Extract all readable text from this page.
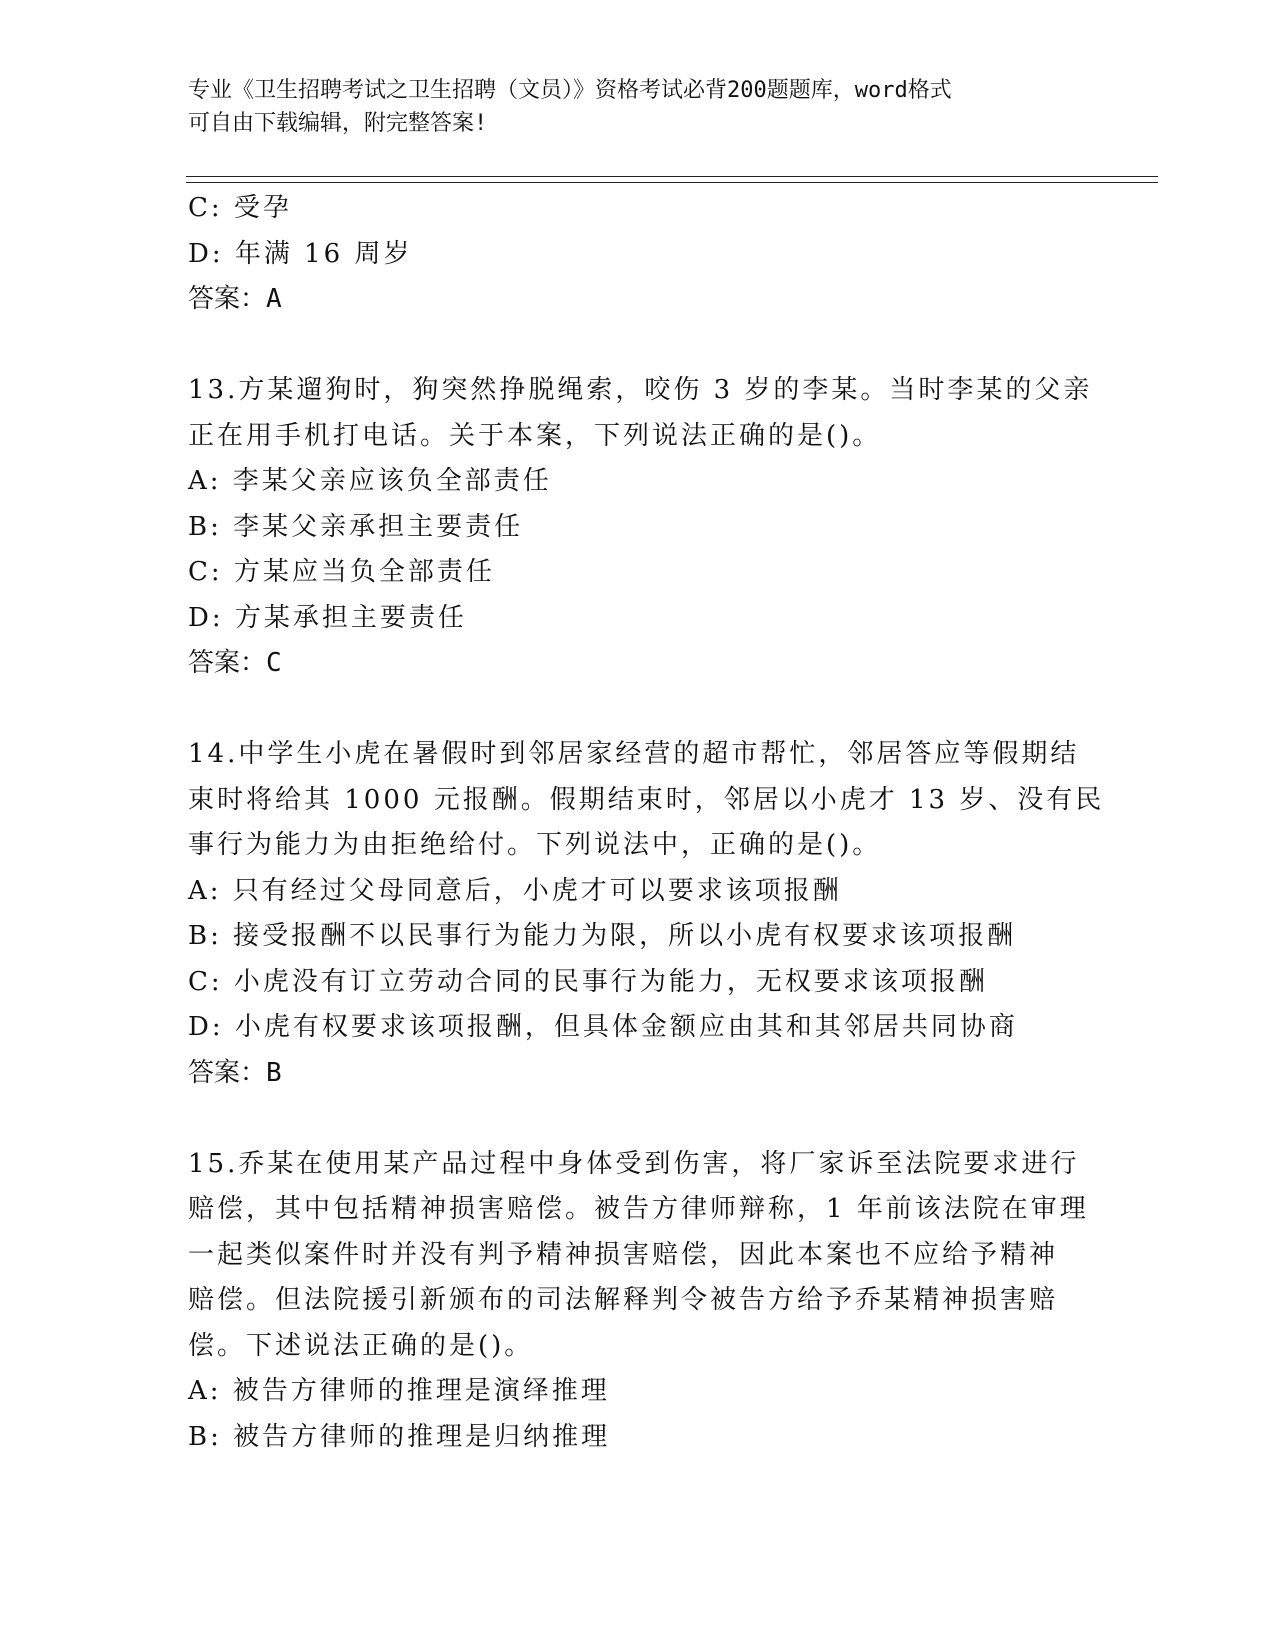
专业《卫生招聘考试之卫生招聘（文员）》资格考试必背200题题库，word格式
可自由下载编辑，附完整答案!
C: 受孕
D: 年满 16 周岁
答案：A
13.方某遛狗时，狗突然挣脱绳索，咬伤 3 岁的李某。当时李某的父亲
正在用手机打电话。关于本案，下列说法正确的是()。
A: 李某父亲应该负全部责任
B: 李某父亲承担主要责任
C: 方某应当负全部责任
D: 方某承担主要责任
答案：C
14.中学生小虎在暑假时到邻居家经营的超市帮忙，邻居答应等假期结
束时将给其 1000 元报酬。假期结束时，邻居以小虎才 13 岁、没有民
事行为能力为由拒绝给付。下列说法中，正确的是()。
A: 只有经过父母同意后，小虎才可以要求该项报酬
B: 接受报酬不以民事行为能力为限，所以小虎有权要求该项报酬
C: 小虎没有订立劳动合同的民事行为能力，无权要求该项报酬
D: 小虎有权要求该项报酬，但具体金额应由其和其邻居共同协商
答案：B
15.乔某在使用某产品过程中身体受到伤害，将厂家诉至法院要求进行
赔偿，其中包括精神损害赔偿。被告方律师辩称，1 年前该法院在审理
一起类似案件时并没有判予精神损害赔偿，因此本案也不应给予精神
赔偿。但法院援引新颁布的司法解释判令被告方给予乔某精神损害赔
偿。下述说法正确的是()。
A: 被告方律师的推理是演绎推理
B: 被告方律师的推理是归纳推理
